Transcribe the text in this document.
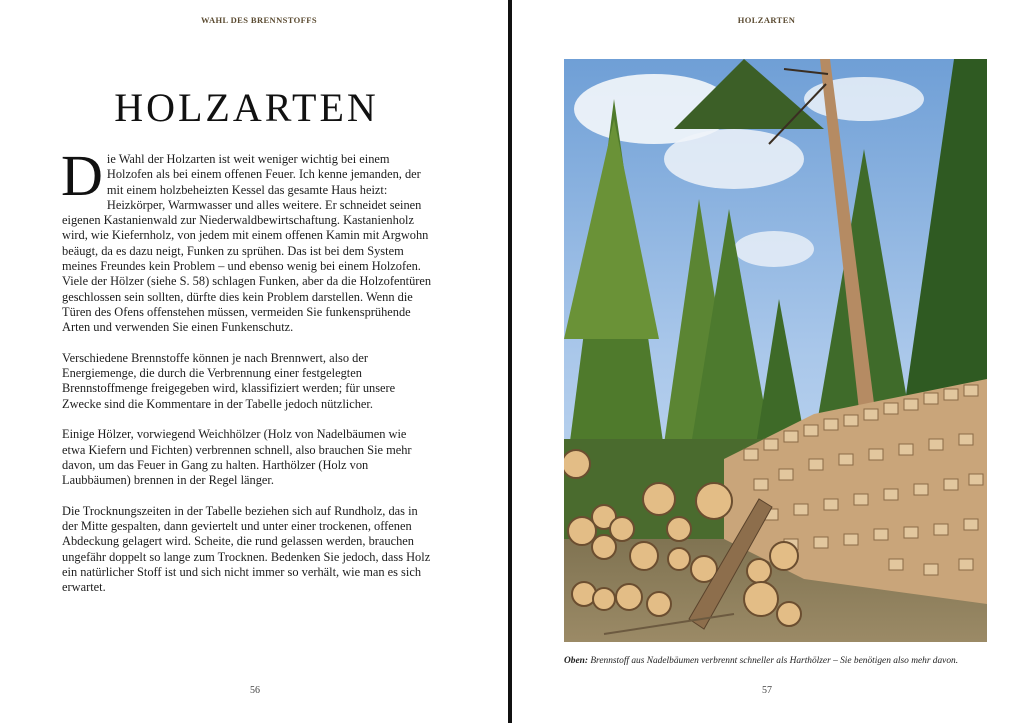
WAHL DES BRENNSTOFFS
HOLZARTEN

Die Wahl der Holzarten ist weit weniger wichtig bei einem Holzofen als bei einem offenen Feuer. Ich kenne jemanden, der mit einem holzbeheizten Kessel das gesamte Haus heizt: Heizkörper, Warmwasser und alles weitere. Er schneidet seinen eigenen Kastanienwald zur Niederwaldbewirtschaftung. Kastanienholz wird, wie Kiefernholz, von jedem mit einem offenen Kamin mit Argwohn beäugt, da es dazu neigt, Funken zu sprühen. Das ist bei dem System meines Freundes kein Problem – und ebenso wenig bei einem Holzofen. Viele der Hölzer (siehe S. 58) schlagen Funken, aber da die Holzofentüren geschlossen sein sollten, dürfte dies kein Problem darstellen. Wenn die Türen des Ofens offenstehen müssen, vermeiden Sie funkensprühende Arten und verwenden Sie einen Funkenschutz.

Verschiedene Brennstoffe können je nach Brennwert, also der Energiemenge, die durch die Verbrennung einer festgelegten Brennstoffmenge freigegeben wird, klassifiziert werden; für unsere Zwecke sind die Kommentare in der Tabelle jedoch nützlicher.

Einige Hölzer, vorwiegend Weichhölzer (Holz von Nadelbäumen wie etwa Kiefern und Fichten) verbrennen schnell, also brauchen Sie mehr davon, um das Feuer in Gang zu halten. Harthölzer (Holz von Laubbäumen) brennen in der Regel länger.

Die Trocknungszeiten in der Tabelle beziehen sich auf Rundholz, das in der Mitte gespalten, dann geviertelt und unter einer trockenen, offenen Abdeckung gelagert wird. Scheite, die rund gelassen werden, brauchen ungefähr doppelt so lange zum Trocknen. Bedenken Sie jedoch, dass Holz ein natürlicher Stoff ist und sich nicht immer so verhält, wie man es sich erwartet.

56
HOLZARTEN
Oben: Brennstoff aus Nadelbäumen verbrennt schneller als Harthölzer – Sie benötigen also mehr davon.
57
